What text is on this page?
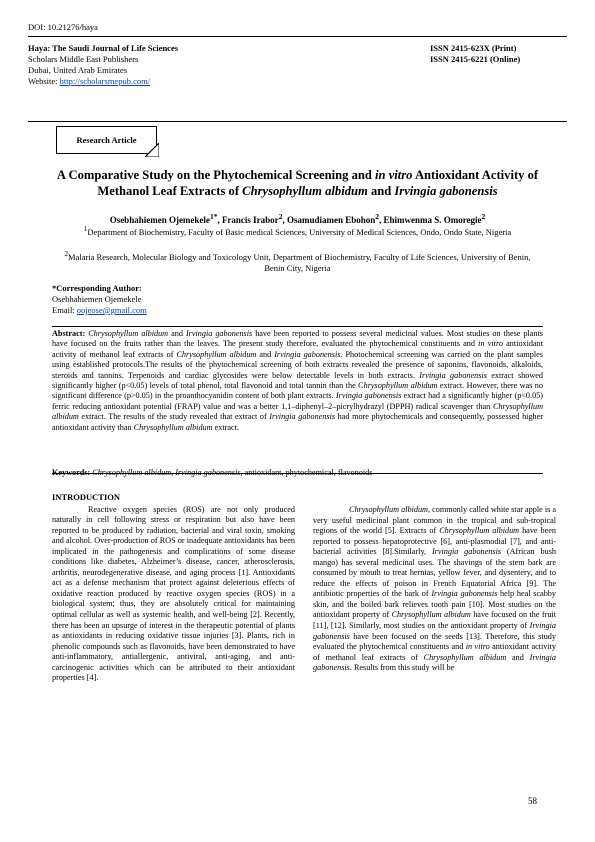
DOI: 10.21276/haya
Haya: The Saudi Journal of Life Sciences
Scholars Middle East Publishers
Dubai, United Arab Emirates
Website: http://scholarsmepub.com/
ISSN 2415-623X (Print)
ISSN 2415-6221 (Online)
Research Article
A Comparative Study on the Phytochemical Screening and in vitro Antioxidant Activity of Methanol Leaf Extracts of Chrysophyllum albidum and Irvingia gabonensis
Osebhahiemen Ojemekele$^{1*}$, Francis Irabor$^2$, Osamudiamen Ebohon$^2$, Ehimwenma S. Omoregie$^2$
$^1$Department of Biochemistry, Faculty of Basic medical Sciences, University of Medical Sciences, Ondo, Ondo State, Nigeria
$^2$Malaria Research, Molecular Biology and Toxicology Unit, Department of Biochemistry, Faculty of Life Sciences, University of Benin, Benin City, Nigeria
*Corresponding Author:
Osebhahiemen Ojemekele
Email: oojeose@gmail.com
Abstract: Chrysophyllum albidum and Irvingia gabonensis have been reported to possess several medicinal values. Most studies on these plants have focused on the fruits rather than the leaves. The present study therefore, evaluated the phytochemical constituents and in vitro antioxidant activity of methanol leaf extracts of Chrysophyllum albidum and Irvingia gabonensis. Photochemical screening was carried on the plant samples using established protocols.The results of the phytochemical screening of both extracts revealed the presence of saponins, flavonoids, alkaloids, steroids and tannins. Terpenoids and cardiac glycosides were below detectable levels in both extracts. Irvingia gabonensis extract showed significantly higher (p<0.05) levels of total phenol, total flavonoid and total tannin than the Chrysophyllum albidum extract. However, there was no significant difference (p>0.05) in the proanthocyanidin content of both plant extracts. Irvingia gabonensis extract had a significantly higher (p<0.05) ferric reducing antioxidant potential (FRAP) value and was a better 1,1–diphenyl–2–picrylhydrazyl (DPPH) radical scavenger than Chrysophyllum albidum extract. The results of the study revealed that extract of Irvingia gabonensis had more phytochemicals and consequently, possessed higher antioxidant activity than Chrysophyllum albidum extract.
Keywords: Chrysophyllum albidum, Irvingia gabonensis, antioxidant, phytochemical, flavonoids
INTRODUCTION
Reactive oxygen species (ROS) are not only produced naturally in cell following stress or respiration but also have been reported to be produced by radiation, bacterial and viral toxin, smoking and alcohol. Over-production of ROS or inadequate antioxidants has been implicated in the pathogenesis and complications of some disease conditions like diabetes, Alzheimer’s disease, cancer, atherosclerosis, arthritis, neurodegenerative disease, and aging process [1]. Antioxidants act as a defense mechanism that protect against deleterious effects of oxidative reaction produced by reactive oxygen species (ROS) in a biological system; thus, they are absolutely critical for maintaining optimal cellular as well as systemic health, and well-being [2]. Recently, there has been an upsurge of interest in the therapeutic potential of plants as antioxidants in reducing oxidative tissue injuries [3]. Plants, rich in phenolic compounds such as flavonoids, have been demonstrated to have anti-inflammatory, antiallergenic, antiviral, anti-aging, and anti-carcinogenic activities which can be attributed to their antioxidant properties [4].
Chrysophyllum albidum, commonly called white star apple is a very useful medicinal plant common in the tropical and sub-tropical regions of the world [5]. Extracts of Chrysophyllum albidum have been reported to possess hepatoprotective [6], anti-plasmodial [7], and anti-bacterial activities [8].Similarly, Irvingia gabonensis (African bush mango) has several medicinal uses. The shavings of the stem bark are consumed by mouth to treat hernias, yellow fever, and dysentery, and to reduce the effects of poison in French Equatorial Africa [9]. The antibiotic properties of the bark of Irvingia gabonensis help heal scabby skin, and the boiled bark relieves tooth pain [10]. Most studies on the antioxidant property of Chrysophyllum albidum have focused on the fruit [11], [12]. Similarly, most studies on the antioxidant property of Irvingia gabonensis have been focused on the seeds [13]. Therefore, this study evaluated the phytochemical constituents and in vitro antioxidant activity of methanol leaf extracts of Chrysophyllum albidum and Irvingia gabonensis. Results from this study will be
58
